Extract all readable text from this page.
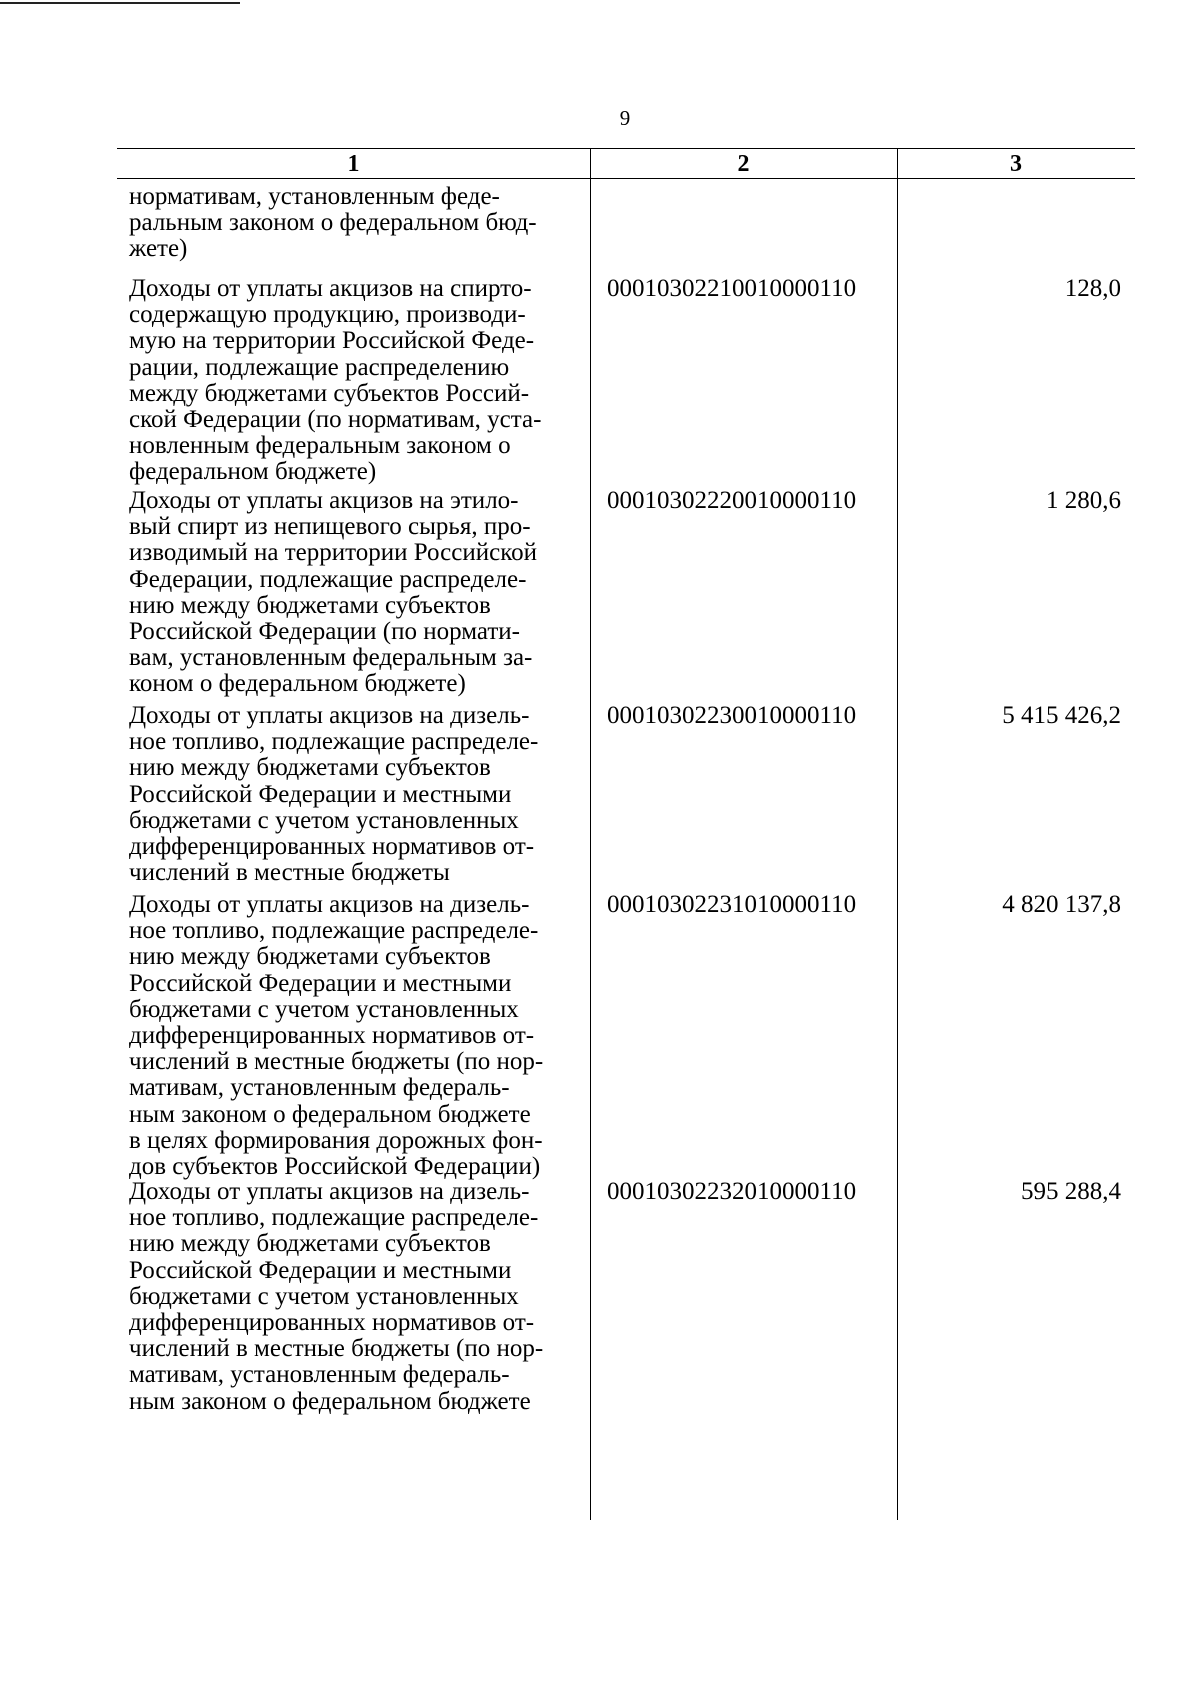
9
1	2	3
нормативам, установленным феде-
ральным законом о федеральном бюд-
жете)
Доходы от уплаты акцизов на спирто-
содержащую продукцию, производи-
мую на территории Российской Феде-
рации, подлежащие распределению
между бюджетами субъектов Россий-
ской Федерации (по нормативам, уста-
новленным федеральным законом о
федеральном бюджете)
00010302210010000110	128,0
Доходы от уплаты акцизов на этило-
вый спирт из непищевого сырья, про-
изводимый на территории Российской
Федерации, подлежащие распределе-
нию между бюджетами субъектов
Российской Федерации (по нормати-
вам, установленным федеральным за-
коном о федеральном бюджете)
00010302220010000110	1 280,6
Доходы от уплаты акцизов на дизель-
ное топливо, подлежащие распределе-
нию между бюджетами субъектов
Российской Федерации и местными
бюджетами с учетом установленных
дифференцированных нормативов от-
числений в местные бюджеты
00010302230010000110	5 415 426,2
Доходы от уплаты акцизов на дизель-
ное топливо, подлежащие распределе-
нию между бюджетами субъектов
Российской Федерации и местными
бюджетами с учетом установленных
дифференцированных нормативов от-
числений в местные бюджеты (по нор-
мативам, установленным федераль-
ным законом о федеральном бюджете
в целях формирования дорожных фон-
дов субъектов Российской Федерации)
00010302231010000110	4 820 137,8
Доходы от уплаты акцизов на дизель-
ное топливо, подлежащие распределе-
нию между бюджетами субъектов
Российской Федерации и местными
бюджетами с учетом установленных
дифференцированных нормативов от-
числений в местные бюджеты (по нор-
мативам, установленным федераль-
ным законом о федеральном бюджете
00010302232010000110	595 288,4
